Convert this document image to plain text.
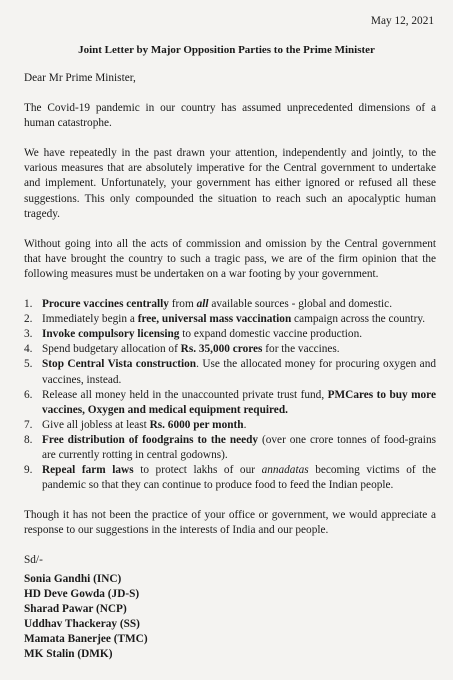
May 12, 2021
Joint Letter by Major Opposition Parties to the Prime Minister

Dear Mr Prime Minister,

The Covid-19 pandemic in our country has assumed unprecedented dimensions of a human catastrophe.

We have repeatedly in the past drawn your attention, independently and jointly, to the various measures that are absolutely imperative for the Central government to undertake and implement. Unfortunately, your government has either ignored or refused all these suggestions. This only compounded the situation to reach such an apocalyptic human tragedy.

Without going into all the acts of commission and omission by the Central government that have brought the country to such a tragic pass, we are of the firm opinion that the following measures must be undertaken on a war footing by your government.

1. Procure vaccines centrally from all available sources - global and domestic.
2. Immediately begin a free, universal mass vaccination campaign across the country.
3. Invoke compulsory licensing to expand domestic vaccine production.
4. Spend budgetary allocation of Rs. 35,000 crores for the vaccines.
5. Stop Central Vista construction. Use the allocated money for procuring oxygen and vaccines, instead.
6. Release all money held in the unaccounted private trust fund, PMCares to buy more vaccines, Oxygen and medical equipment required.
7. Give all jobless at least Rs. 6000 per month.
8. Free distribution of foodgrains to the needy (over one crore tonnes of food-grains are currently rotting in central godowns).
9. Repeal farm laws to protect lakhs of our annadatas becoming victims of the pandemic so that they can continue to produce food to feed the Indian people.

Though it has not been the practice of your office or government, we would appreciate a response to our suggestions in the interests of India and our people.

Sd/-
Sonia Gandhi (INC)
HD Deve Gowda (JD-S)
Sharad Pawar (NCP)
Uddhav Thackeray (SS)
Mamata Banerjee (TMC)
MK Stalin (DMK)
